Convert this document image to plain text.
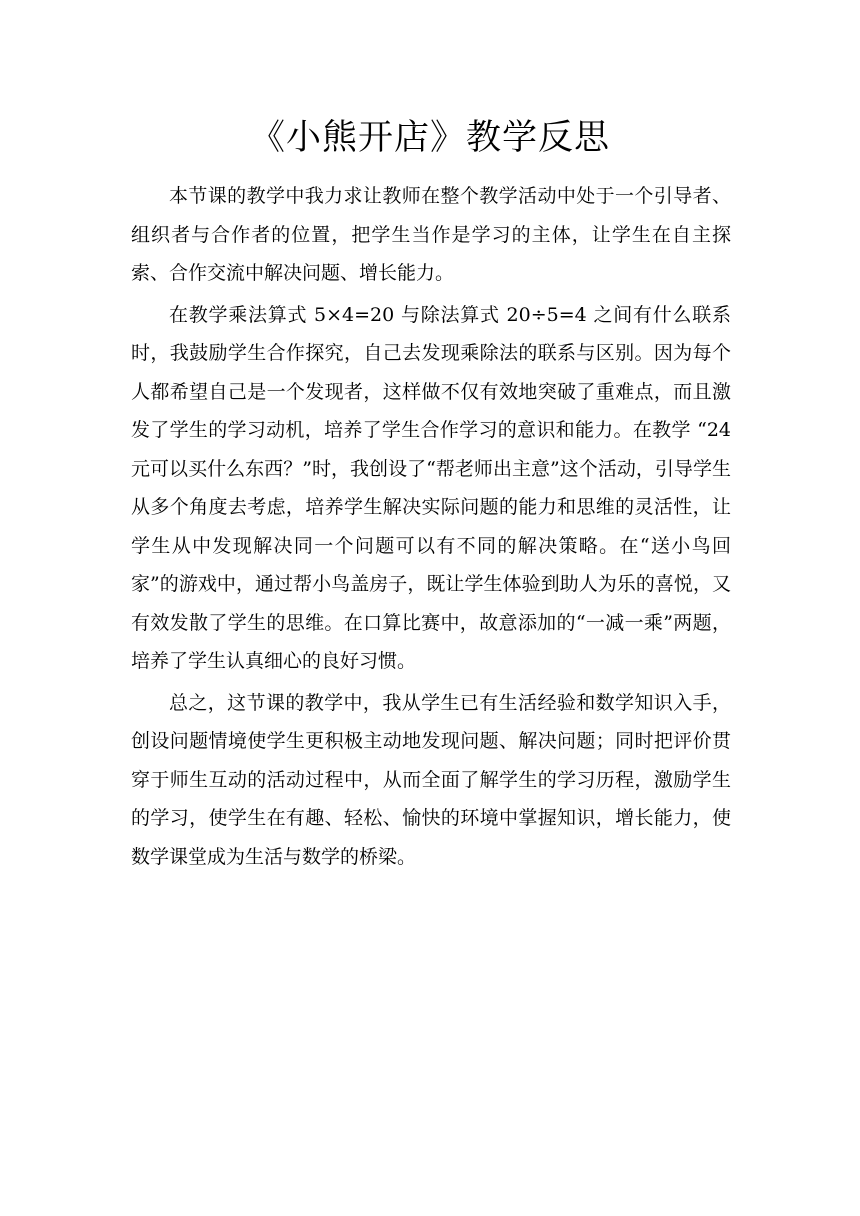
《小熊开店》教学反思

本节课的教学中我力求让教师在整个教学活动中处于一个引导者、组织者与合作者的位置，把学生当作是学习的主体，让学生在自主探索、合作交流中解决问题、增长能力。

在教学乘法算式 5×4=20 与除法算式 20÷5=4 之间有什么联系时，我鼓励学生合作探究，自己去发现乘除法的联系与区别。因为每个人都希望自己是一个发现者，这样做不仅有效地突破了重难点，而且激发了学生的学习动机，培养了学生合作学习的意识和能力。在教学 “24 元可以买什么东西？”时，我创设了“帮老师出主意”这个活动，引导学生从多个角度去考虑，培养学生解决实际问题的能力和思维的灵活性，让学生从中发现解决同一个问题可以有不同的解决策略。在“送小鸟回家”的游戏中，通过帮小鸟盖房子，既让学生体验到助人为乐的喜悦，又有效发散了学生的思维。在口算比赛中，故意添加的“一减一乘”两题，培养了学生认真细心的良好习惯。

总之，这节课的教学中，我从学生已有生活经验和数学知识入手，创设问题情境使学生更积极主动地发现问题、解决问题；同时把评价贯穿于师生互动的活动过程中，从而全面了解学生的学习历程，激励学生的学习，使学生在有趣、轻松、愉快的环境中掌握知识，增长能力，使数学课堂成为生活与数学的桥梁。
